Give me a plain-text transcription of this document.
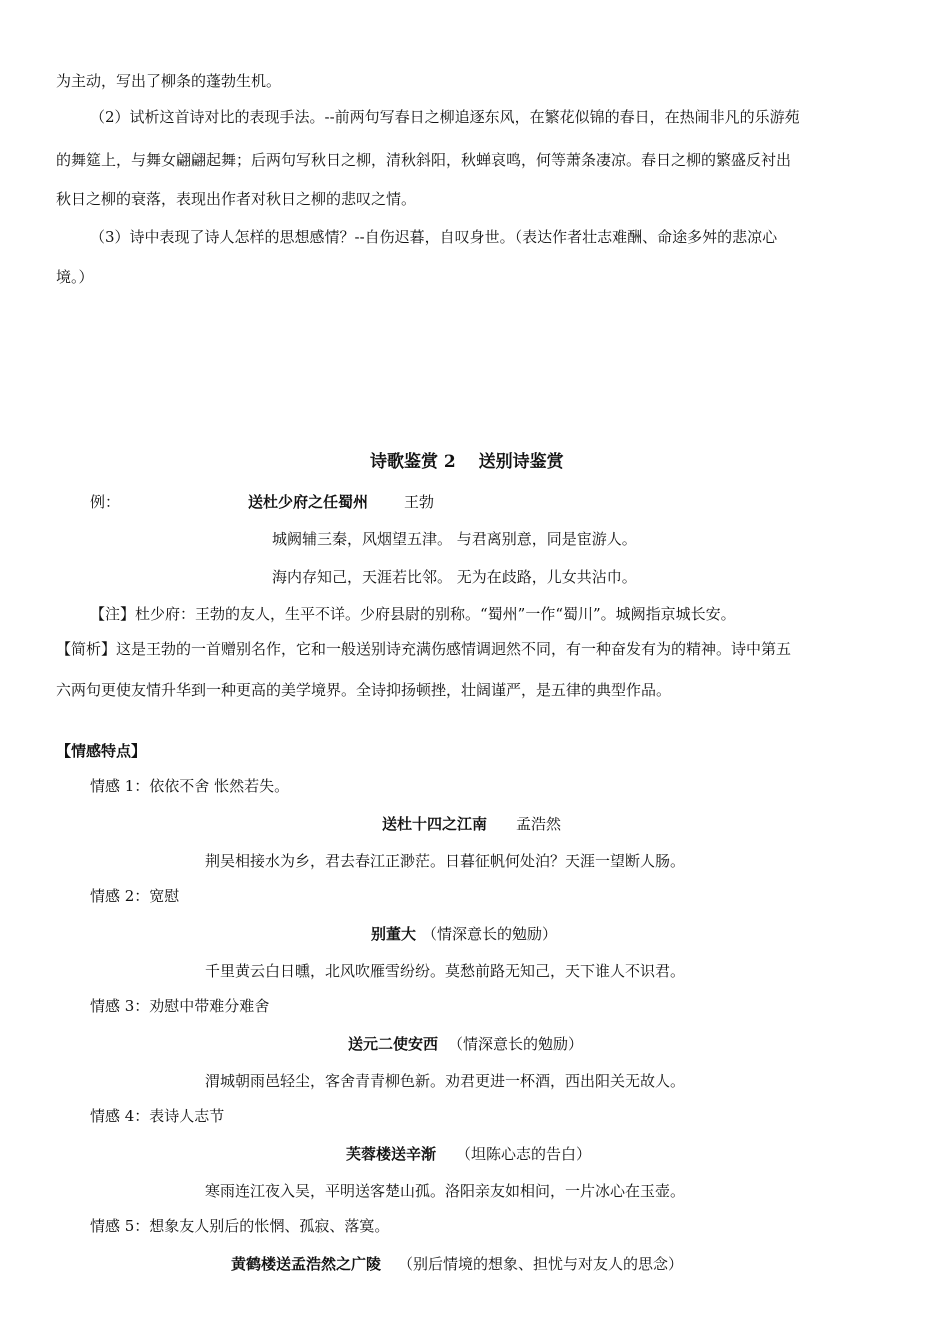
为主动，写出了柳条的蓬勃生机。
（2）试析这首诗对比的表现手法。--前两句写春日之柳追逐东风，在繁花似锦的春日，在热闹非凡的乐游苑
的舞筵上，与舞女翩翩起舞；后两句写秋日之柳，清秋斜阳，秋蝉哀鸣，何等萧条凄凉。春日之柳的繁盛反衬出
秋日之柳的衰落，表现出作者对秋日之柳的悲叹之情。
（3）诗中表现了诗人怎样的思想感情？--自伤迟暮，自叹身世。（表达作者壮志难酬、命途多舛的悲凉心
境。）
诗歌鉴赏 2　 送别诗鉴赏
例：	送杜少府之任蜀州 王勃
城阙辅三秦，风烟望五津。 与君离别意，同是宦游人。
海内存知己，天涯若比邻。 无为在歧路，儿女共沾巾。
【注】杜少府：王勃的友人，生平不详。少府县尉的别称。“蜀州”一作“蜀川”。城阙指京城长安。
【简析】这是王勃的一首赠别名作，它和一般送别诗充满伤感情调迥然不同，有一种奋发有为的精神。诗中第五
六两句更使友情升华到一种更高的美学境界。全诗抑扬顿挫，壮阔谨严，是五律的典型作品。
【情感特点】
情感 1：依依不舍 怅然若失。
送杜十四之江南 孟浩然
荆吴相接水为乡，君去春江正渺茫。日暮征帆何处泊？天涯一望断人肠。
情感 2：宽慰
别董大 （情深意长的勉励）
千里黄云白日曛，北风吹雁雪纷纷。莫愁前路无知己，天下谁人不识君。
情感 3：劝慰中带难分难舍
送元二使安西 （情深意长的勉励）
渭城朝雨邑轻尘，客舍青青柳色新。劝君更进一杯酒，西出阳关无故人。
情感 4：表诗人志节
芙蓉楼送辛渐 （坦陈心志的告白）
寒雨连江夜入吴，平明送客楚山孤。洛阳亲友如相问，一片冰心在玉壶。
情感 5：想象友人别后的怅惘、孤寂、落寞。
黄鹤楼送孟浩然之广陵 （别后情境的想象、担忧与对友人的思念）
